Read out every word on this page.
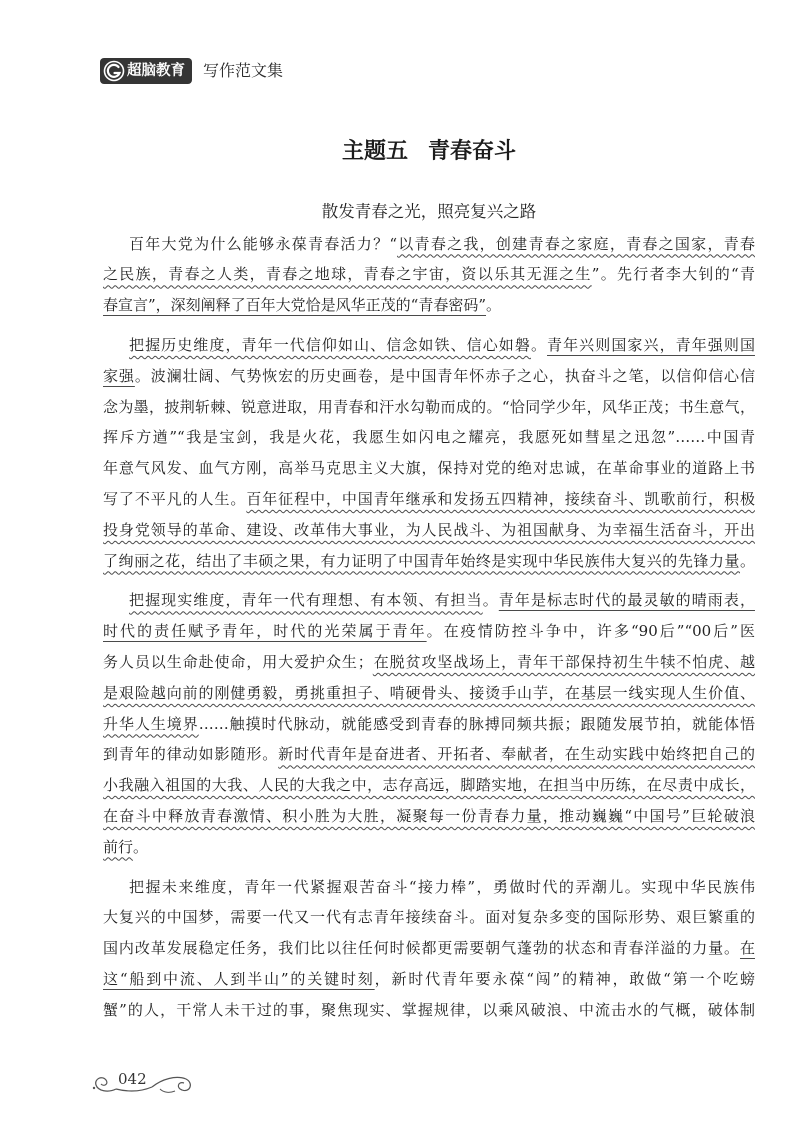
超脑教育 写作范文集
主题五 青春奋斗
散发青春之光，照亮复兴之路
百年大党为什么能够永葆青春活力？“以青春之我，创建青春之家庭，青春之国家，青春
之民族，青春之人类，青春之地球，青春之宇宙，资以乐其无涯之生”。先行者李大钊的“青
春宣言”，深刻阐释了百年大党恰是风华正茂的“青春密码”。
把握历史维度，青年一代信仰如山、信念如铁、信心如磐。青年兴则国家兴，青年强则国
家强。波澜壮阔、气势恢宏的历史画卷，是中国青年怀赤子之心，执奋斗之笔，以信仰信心信
念为墨，披荆斩棘、锐意进取，用青春和汗水勾勒而成的。“恰同学少年，风华正茂；书生意气，
挥斥方遒”“我是宝剑，我是火花，我愿生如闪电之耀亮，我愿死如彗星之迅忽”……中国青
年意气风发、血气方刚，高举马克思主义大旗，保持对党的绝对忠诚，在革命事业的道路上书
写了不平凡的人生。百年征程中，中国青年继承和发扬五四精神，接续奋斗、凯歌前行，积极
投身党领导的革命、建设、改革伟大事业，为人民战斗、为祖国献身、为幸福生活奋斗，开出
了绚丽之花，结出了丰硕之果，有力证明了中国青年始终是实现中华民族伟大复兴的先锋力量。
把握现实维度，青年一代有理想、有本领、有担当。青年是标志时代的最灵敏的晴雨表，
时代的责任赋予青年，时代的光荣属于青年。在疫情防控斗争中，许多“90后”“00后”医
务人员以生命赴使命，用大爱护众生；在脱贫攻坚战场上，青年干部保持初生牛犊不怕虎、越
是艰险越向前的刚健勇毅，勇挑重担子、啃硬骨头、接烫手山芋，在基层一线实现人生价值、
升华人生境界……触摸时代脉动，就能感受到青春的脉搏同频共振；跟随发展节拍，就能体悟
到青年的律动如影随形。新时代青年是奋进者、开拓者、奉献者，在生动实践中始终把自己的
小我融入祖国的大我、人民的大我之中，志存高远，脚踏实地，在担当中历练，在尽责中成长，
在奋斗中释放青春激情、积小胜为大胜，凝聚每一份青春力量，推动巍巍“中国号”巨轮破浪
前行。
把握未来维度，青年一代紧握艰苦奋斗“接力棒”，勇做时代的弄潮儿。实现中华民族伟
大复兴的中国梦，需要一代又一代有志青年接续奋斗。面对复杂多变的国际形势、艰巨繁重的
国内改革发展稳定任务，我们比以往任何时候都更需要朝气蓬勃的状态和青春洋溢的力量。在
这“船到中流、人到半山”的关键时刻，新时代青年要永葆“闯”的精神，敢做“第一个吃螃
蟹”的人，干常人未干过的事，聚焦现实、掌握规律，以乘风破浪、中流击水的气概，破体制
042
